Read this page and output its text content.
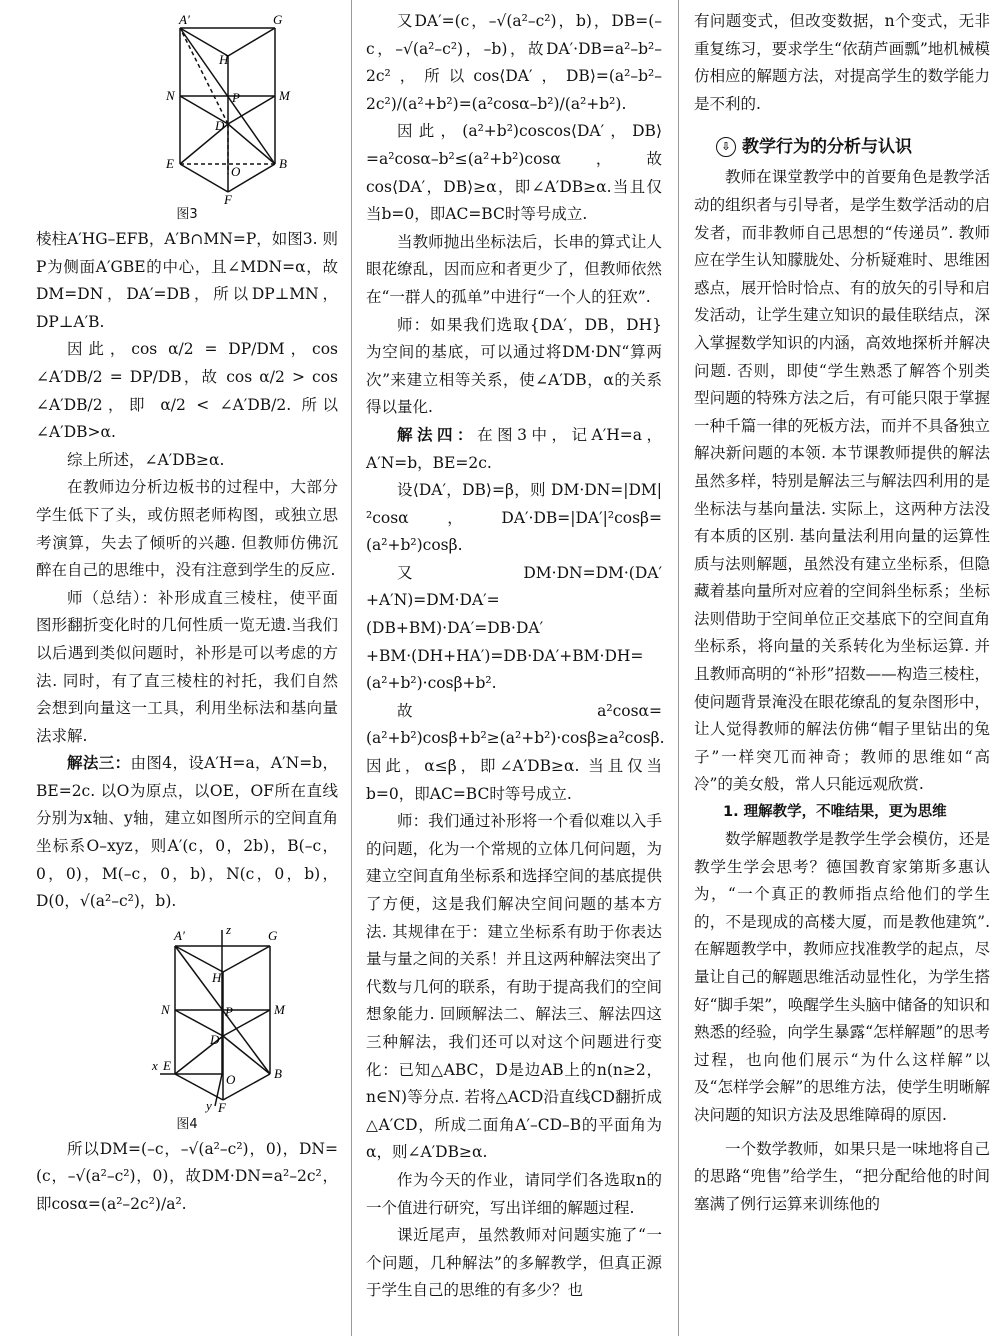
A′	G
H
P
N	M
D
E
O
B
F
图3

棱柱A′HG–EFB，A′B∩MN=P，如图3. 则P为侧面A′GBE的中心，且∠MDN=α，故DM=DN，DA′=DB，所以DP⊥MN，DP⊥A′B.

因此，cos α/2 = DP/DM，cos ∠A′DB/2 = DP/DB，故 cos α/2 > cos ∠A′DB/2，即 α/2 < ∠A′DB/2. 所以∠A′DB>α.

综上所述，∠A′DB≥α.

在教师边分析边板书的过程中，大部分学生低下了头，或仿照老师构图，或独立思考演算，失去了倾听的兴趣. 但教师仿佛沉醉在自己的思维中，没有注意到学生的反应.

师（总结）：补形成直三棱柱，使平面图形翻折变化时的几何性质一览无遗.当我们以后遇到类似问题时，补形是可以考虑的方法. 同时，有了直三棱柱的衬托，我们自然会想到向量这一工具，利用坐标法和基向量法求解.

解法三：由图4，设A′H=a，A′N=b，BE=2c. 以O为原点，以OE，OF所在直线分别为x轴、y轴，建立如图所示的空间直角坐标系O–xyz，则A′(c，0，2b)，B(–c，0，0)，M(–c，0，b)，N(c，0，b)，D(0，√(a²–c²)，b).

z
A′	G
H
P	M
N
D
x E
O	B
y F
图4

所以DM=(–c，–√(a²–c²)，0)，DN=(c，–√(a²–c²)，0)，故DM·DN=a²–2c²，即cosα=(a²–2c²)/a².

又DA′=(c，–√(a²–c²)，b)，DB=(–c，–√(a²–c²)，–b)，故DA′·DB=a²–b²–2c²，所以cos⟨DA′，DB⟩=(a²–b²–2c²)/(a²+b²)=(a²cosα–b²)/(a²+b²).

因此，(a²+b²)coscos⟨DA′，DB⟩=a²cosα–b²≤(a²+b²)cosα，故cos⟨DA′，DB⟩≥α，即∠A′DB≥α.当且仅当b=0，即AC=BC时等号成立.

当教师抛出坐标法后，长串的算式让人眼花缭乱，因而应和者更少了，但教师依然在“一群人的孤单”中进行“一个人的狂欢”.

师：如果我们选取{DA′，DB，DH}为空间的基底，可以通过将DM·DN“算两次”来建立相等关系，使∠A′DB，α的关系得以量化.

解法四：在图3中，记A′H=a，A′N=b，BE=2c.

设⟨DA′，DB⟩=β，则 DM·DN=|DM|²cosα，DA′·DB=|DA′|²cosβ=(a²+b²)cosβ.

又DM·DN=DM·(DA′+A′N)=DM·DA′=(DB+BM)·DA′=DB·DA′+BM·(DH+HA′)=DB·DA′+BM·DH=(a²+b²)·cosβ+b².

故a²cosα=(a²+b²)cosβ+b²≥(a²+b²)·cosβ≥a²cosβ. 因此，α≤β，即∠A′DB≥α. 当且仅当b=0，即AC=BC时等号成立.

师：我们通过补形将一个看似难以入手的问题，化为一个常规的立体几何问题，为建立空间直角坐标系和选择空间的基底提供了方便，这是我们解决空间问题的基本方法. 其规律在于：建立坐标系有助于你表达量与量之间的关系！并且这两种解法突出了代数与几何的联系，有助于提高我们的空间想象能力. 回顾解法二、解法三、解法四这三种解法，我们还可以对这个问题进行变化：已知△ABC，D是边AB上的n(n≥2，n∈N)等分点. 若将△ACD沿直线CD翻折成△A′CD，所成二面角A′–CD–B的平面角为α，则∠A′DB≥α.

作为今天的作业，请同学们各选取n的一个值进行研究，写出详细的解题过程.

课近尾声，虽然教师对问题实施了“一个问题，几种解法”的多解教学，但真正源于学生自己的思维的有多少？也

有问题变式，但改变数据，n个变式，无非重复练习，要求学生“依葫芦画瓢”地机械模仿相应的解题方法，对提高学生的数学能力是不利的.

⇩ 教学行为的分析与认识

教师在课堂教学中的首要角色是教学活动的组织者与引导者，是学生数学活动的启发者，而非教师自己思想的“传递员”. 教师应在学生认知朦胧处、分析疑难时、思维困惑点，展开恰时恰点、有的放矢的引导和启发活动，让学生建立知识的最佳联结点，深入掌握数学知识的内涵，高效地探析并解决问题. 否则，即使“学生熟悉了解答个别类型问题的特殊方法之后，有可能只限于掌握一种千篇一律的死板方法，而并不具备独立解决新问题的本领. 本节课教师提供的解法虽然多样，特别是解法三与解法四利用的是坐标法与基向量法. 实际上，这两种方法没有本质的区别. 基向量法利用向量的运算性质与法则解题，虽然没有建立坐标系，但隐藏着基向量所对应着的空间斜坐标系；坐标法则借助于空间单位正交基底下的空间直角坐标系，将向量的关系转化为坐标运算. 并且教师高明的“补形”招数——构造三棱柱，使问题背景淹没在眼花缭乱的复杂图形中，让人觉得教师的解法仿佛“帽子里钻出的兔子”一样突兀而神奇；教师的思维如“高冷”的美女般，常人只能远观欣赏.

1. 理解教学，不唯结果，更为思维

数学解题教学是教学生学会模仿，还是教学生学会思考？德国教育家第斯多惠认为，“一个真正的教师指点给他们的学生的，不是现成的高楼大厦，而是教他建筑”. 在解题教学中，教师应找准教学的起点，尽量让自己的解题思维活动显性化，为学生搭好“脚手架”，唤醒学生头脑中储备的知识和熟悉的经验，向学生暴露“怎样解题”的思考过程，也向他们展示“为什么这样解”以及“怎样学会解”的思维方法，使学生明晰解决问题的知识方法及思维障碍的原因.

一个数学教师，如果只是一味地将自己的思路“兜售”给学生，“把分配给他的时间塞满了例行运算来训练他的
